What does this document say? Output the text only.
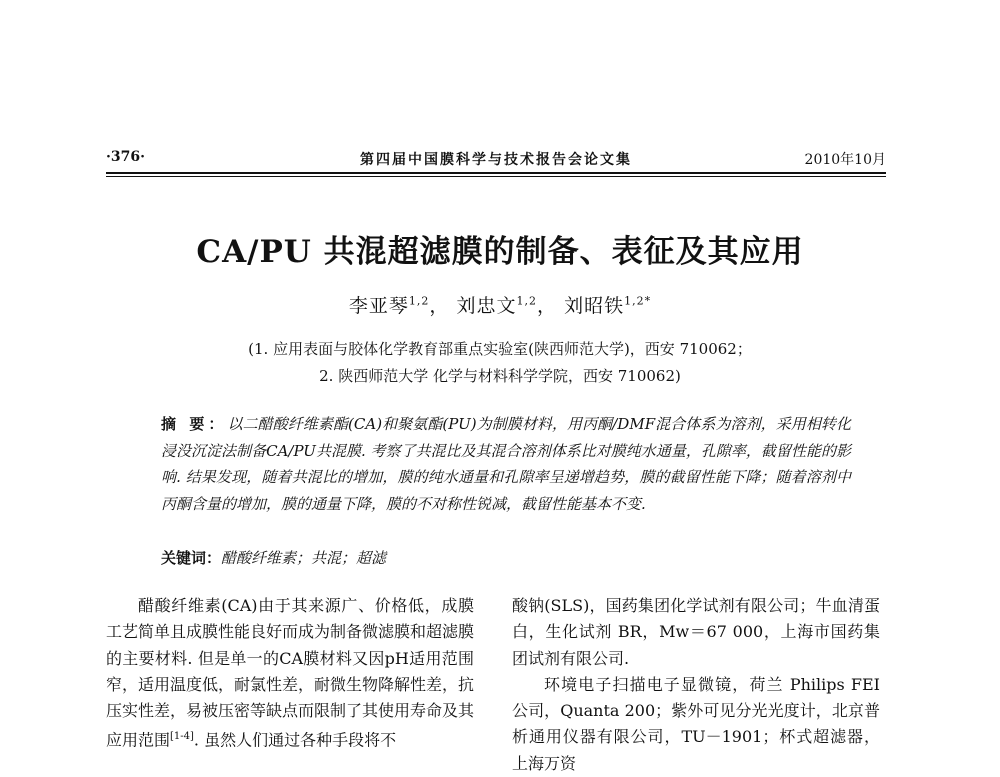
·376·	第四届中国膜科学与技术报告会论文集	2010年10月
CA/PU 共混超滤膜的制备、表征及其应用
李亚琴$^{1,2}$， 刘忠文$^{1,2}$， 刘昭铁$^{1,2*}$
(1. 应用表面与胶体化学教育部重点实验室(陕西师范大学)，西安 710062；
2. 陕西师范大学 化学与材料科学学院，西安 710062)
摘 要：以二醋酸纤维素酯(CA)和聚氨酯(PU)为制膜材料，用丙酮/DMF混合体系为溶剂，采用相转化浸没沉淀法制备CA/PU共混膜. 考察了共混比及其混合溶剂体系比对膜纯水通量，孔隙率，截留性能的影响. 结果发现，随着共混比的增加，膜的纯水通量和孔隙率呈递增趋势，膜的截留性能下降；随着溶剂中丙酮含量的增加，膜的通量下降，膜的不对称性锐减，截留性能基本不变.
关键词：醋酸纤维素；共混；超滤

醋酸纤维素(CA)由于其来源广、价格低，成膜工艺简单且成膜性能良好而成为制备微滤膜和超滤膜的主要材料. 但是单一的CA膜材料又因pH适用范围窄，适用温度低，耐氯性差，耐微生物降解性差，抗压实性差，易被压密等缺点而限制了其使用寿命及其应用范围[1-4]. 虽然人们通过各种手段将不

酸钠(SLS)，国药集团化学试剂有限公司；牛血清蛋白，生化试剂 BR，Mw＝67 000，上海市国药集团试剂有限公司.

环境电子扫描电子显微镜，荷兰 Philips FEI 公司，Quanta 200；紫外可见分光光度计，北京普析通用仪器有限公司，TU－1901；杯式超滤器，上海万资
